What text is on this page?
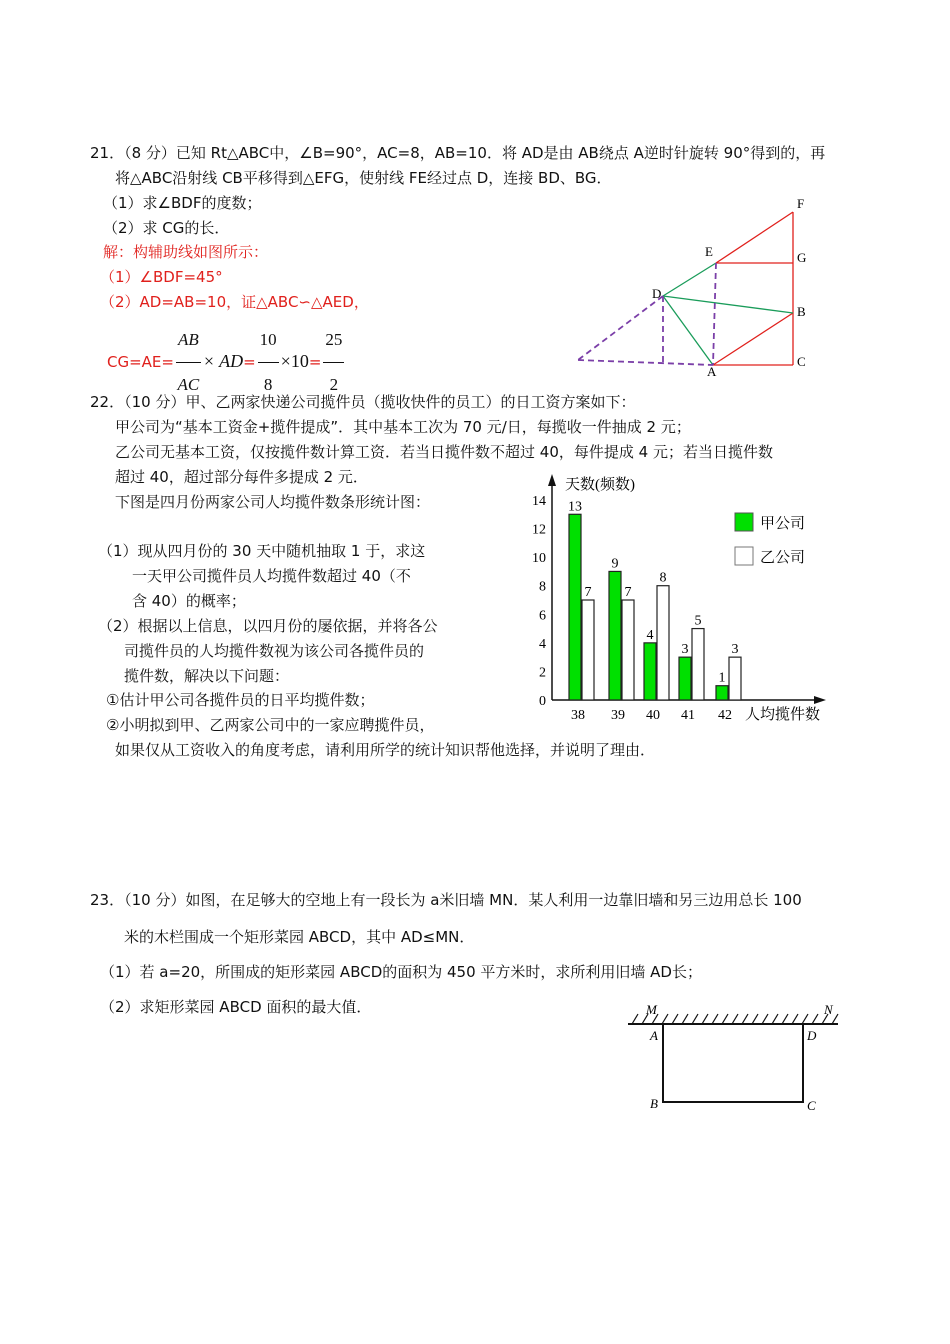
21．（8 分）已知 Rt△ABC中，∠B=90°，AC=8，AB=10．将 AD是由 AB绕点 A逆时针旋转 90°得到的，再
将△ABC沿射线 CB平移得到△EFG，使射线 FE经过点 D，连接 BD、BG．
（1）求∠BDF的度数；
（2）求 CG的长．
解：构辅助线如图所示：
（1）∠BDF=45°
（2）AD=AB=10，证△ABC∽△AED，
$CG=AE= \frac{AB}{AC} \times AD= \frac{10}{8} \times 10= \frac{25}{2}$
F
G
B
C
A
E
D
22．（10 分）甲、乙两家快递公司揽件员（揽收快件的员工）的日工资方案如下：
甲公司为“基本工资金+揽件提成”．其中基本工次为 70 元/日，每揽收一件抽成 2 元；
乙公司无基本工资，仅按揽件数计算工资．若当日揽件数不超过 40，每件提成 4 元；若当日揽件数
超过 40，超过部分每件多提成 2 元．
下图是四月份两家公司人均揽件数条形统计图：
（1）现从四月份的 30 天中随机抽取 1 于，求这
一天甲公司揽件员人均揽件数超过 40（不
含 40）的概率；
（2）根据以上信息，以四月份的屡依据，并将各公
司揽件员的人均揽件数视为该公司各揽件员的
揽件数，解决以下问题：
①估计甲公司各揽件员的日平均揽件数；
②小明拟到甲、乙两家公司中的一家应聘揽件员，
如果仅从工资收入的角度考虑，请利用所学的统计知识帮他选择，并说明了理由．
天数(频数)
人均揽件数
甲公司
乙公司
0
2
4
6
8
10
12
14
38
13
7
39
9
7
40
4
8
41
3
5
42
1
3
23．（10 分）如图，在足够大的空地上有一段长为 a米旧墙 MN．某人利用一边靠旧墙和另三边用总长 100
米的木栏围成一个矩形菜园 ABCD，其中 AD≤MN．
（1）若 a=20，所围成的矩形菜园 ABCD的面积为 450 平方米时，求所利用旧墙 AD长；
（2）求矩形菜园 ABCD 面积的最大值．	M	N
A	D
B	C
